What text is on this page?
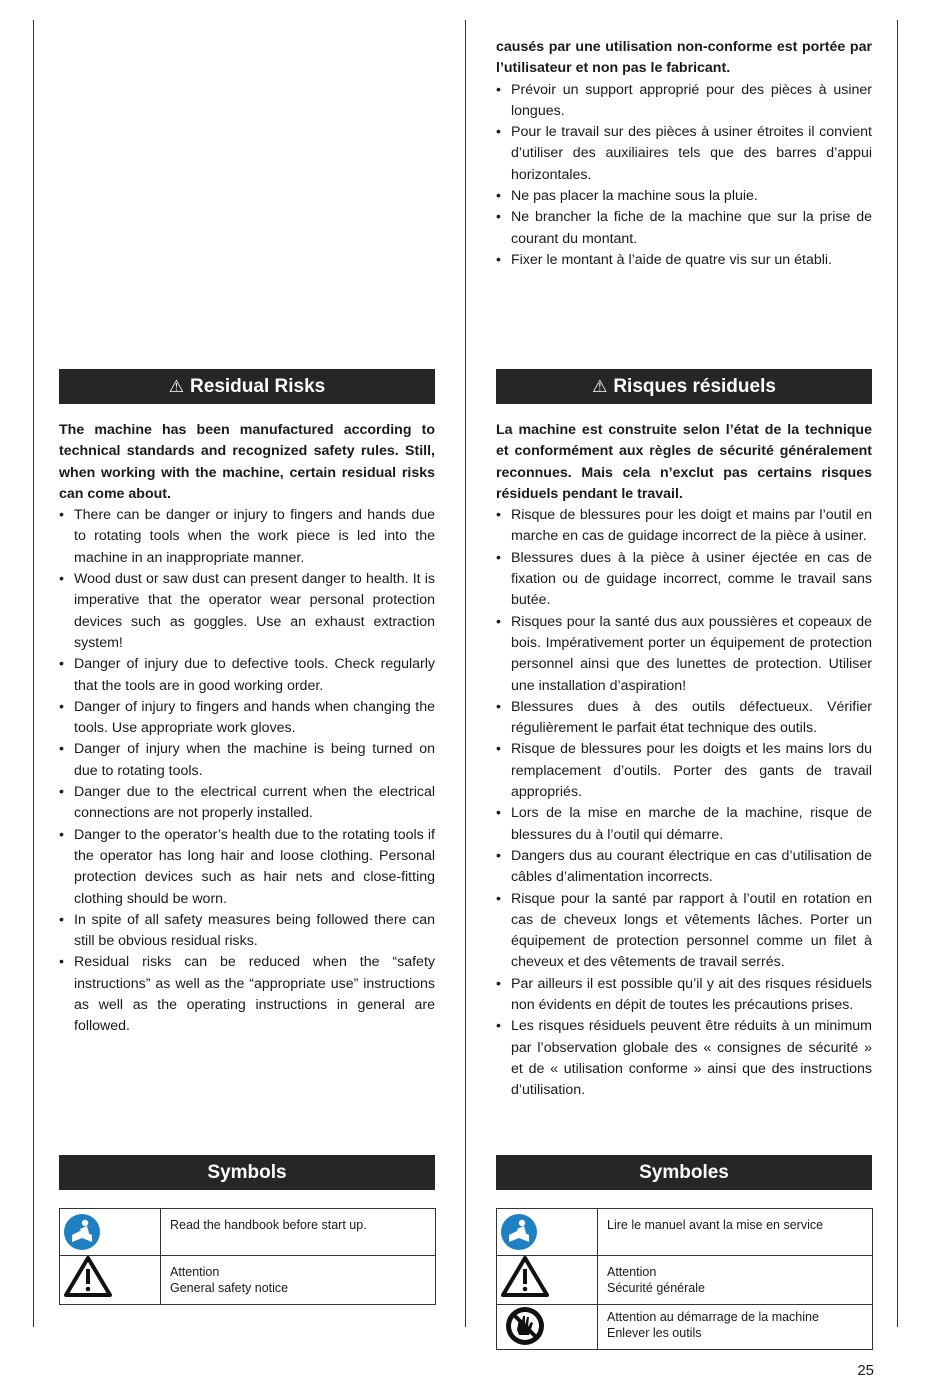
causés par une utilisation non-conforme est portée par l’utilisateur et non pas le fabricant.

• Prévoir un support approprié pour des pièces à usiner longues.
• Pour le travail sur des pièces à usiner étroites il convient d’utiliser des auxiliaires tels que des barres d’appui horizontales.
• Ne pas placer la machine sous la pluie.
• Ne brancher la fiche de la machine que sur la prise de courant du montant.
• Fixer le montant à l’aide de quatre vis sur un établi.
⚠ Residual Risks

The machine has been manufactured according to technical standards and recognized safety rules. Still, when working with the machine, certain residual risks can come about.

• There can be danger or injury to fingers and hands due to rotating tools when the work piece is led into the machine in an inappropriate manner.
• Wood dust or saw dust can present danger to health. It is imperative that the operator wear personal protection devices such as goggles. Use an exhaust extraction system!
• Danger of injury due to defective tools. Check regularly that the tools are in good working order.
• Danger of injury to fingers and hands when changing the tools. Use appropriate work gloves.
• Danger of injury when the machine is being turned on due to rotating tools.
• Danger due to the electrical current when the electrical connections are not properly installed.
• Danger to the operator’s health due to the rotating tools if the operator has long hair and loose clothing. Personal protection devices such as hair nets and close-fitting clothing should be worn.
• In spite of all safety measures being followed there can still be obvious residual risks.
• Residual risks can be reduced when the “safety instructions” as well as the “appropriate use” instructions as well as the operating instructions in general are followed.
⚠ Risques résiduels

La machine est construite selon l’état de la technique et conformément aux règles de sécurité généralement reconnues. Mais cela n’exclut pas certains risques résiduels pendant le travail.

• Risque de blessures pour les doigt et mains par l’outil en marche en cas de guidage incorrect de la pièce à usiner.
• Blessures dues à la pièce à usiner éjectée en cas de fixation ou de guidage incorrect, comme le travail sans butée.
• Risques pour la santé dus aux poussières et copeaux de bois. Impérativement porter un équipement de protection personnel ainsi que des lunettes de protection. Utiliser une installation d’aspiration!
• Blessures dues à des outils défectueux. Vérifier régulièrement le parfait état technique des outils.
• Risque de blessures pour les doigts et les mains lors du remplacement d’outils. Porter des gants de travail appropriés.
• Lors de la mise en marche de la machine, risque de blessures du à l’outil qui démarre.
• Dangers dus au courant électrique en cas d’utilisation de câbles d’alimentation incorrects.
• Risque pour la santé par rapport à l’outil en rotation en cas de cheveux longs et vêtements lâches. Porter un équipement de protection personnel comme un filet à cheveux et des vêtements de travail serrés.
• Par ailleurs il est possible qu’il y ait des risques résiduels non évidents en dépit de toutes les précautions prises.
• Les risques résiduels peuvent être réduits à un minimum par l’observation globale des « consignes de sécurité » et de « utilisation conforme » ainsi que des instructions d’utilisation.
Symbols

Read the handbook before start up.

Attention
General safety notice
Symboles

Lire le manuel avant la mise en service

Attention
Sécurité générale

Attention au démarrage de la machine
Enlever les outils
25
